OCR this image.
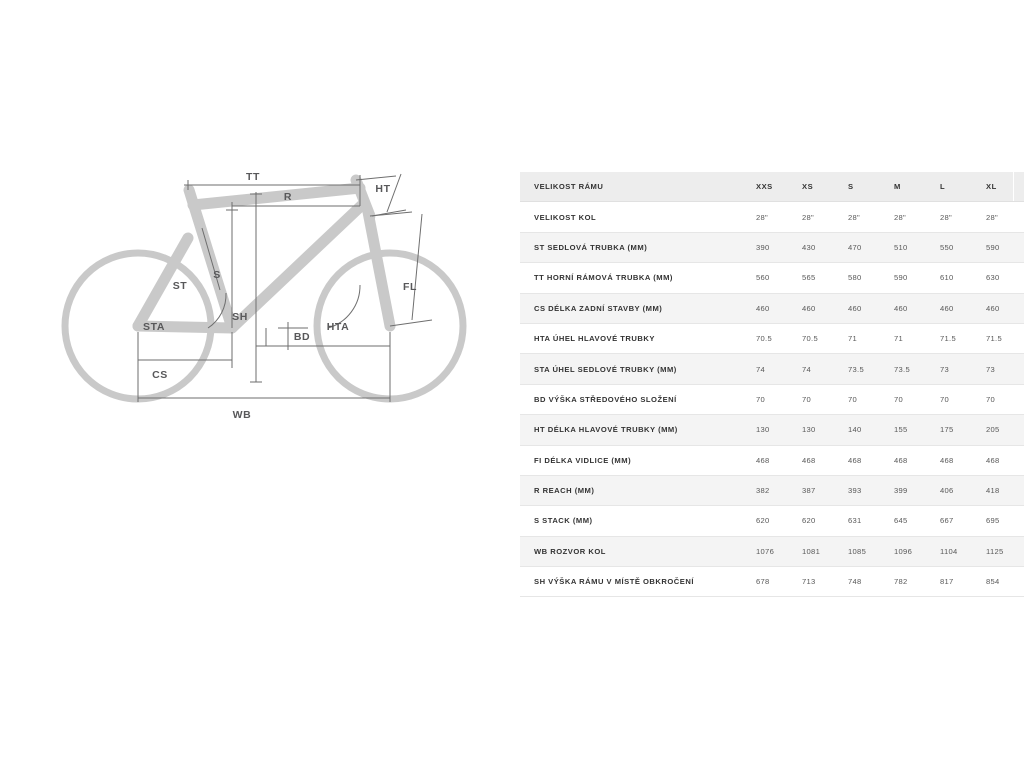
TT
R
HT
ST
S
SH
FL
STA	HTA
BD
CS
WB
VELIKOST RÁMU	XXS	XS	S	M	L	XL
VELIKOST KOL	28"	28"	28"	28"	28"	28"
ST SEDLOVÁ TRUBKA (MM)	390	430	470	510	550	590
TT HORNÍ RÁMOVÁ TRUBKA (MM)	560	565	580	590	610	630
CS DÉLKA ZADNÍ STAVBY (MM)	460	460	460	460	460	460
HTA ÚHEL HLAVOVÉ TRUBKY	70.5	70.5	71	71	71.5	71.5
STA ÚHEL SEDLOVÉ TRUBKY (MM)	74	74	73.5	73.5	73	73
BD VÝŠKA STŘEDOVÉHO SLOŽENÍ	70	70	70	70	70	70
HT DÉLKA HLAVOVÉ TRUBKY (MM)	130	130	140	155	175	205
FI DÉLKA VIDLICE (MM)	468	468	468	468	468	468
R REACH (MM)	382	387	393	399	406	418
S STACK (MM)	620	620	631	645	667	695
WB ROZVOR KOL	1076	1081	1085	1096	1104	1125
SH VÝŠKA RÁMU V MÍSTĚ OBKROČENÍ	678	713	748	782	817	854
